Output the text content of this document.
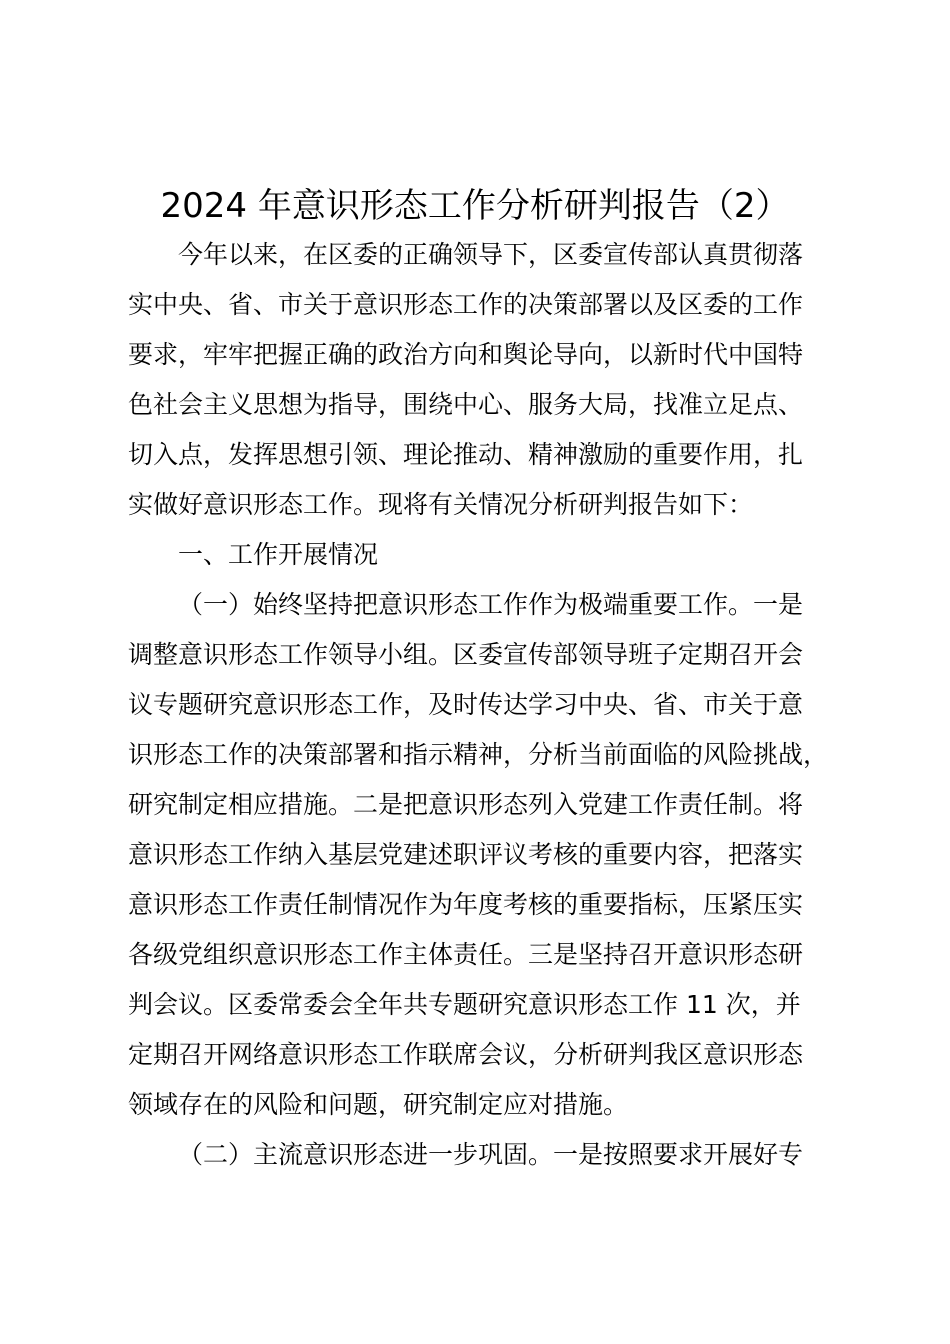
2024 年意识形态工作分析研判报告（2）
今年以来，在区委的正确领导下，区委宣传部认真贯彻落
实中央、省、市关于意识形态工作的决策部署以及区委的工作
要求，牢牢把握正确的政治方向和舆论导向，以新时代中国特
色社会主义思想为指导，围绕中心、服务大局，找准立足点、
切入点，发挥思想引领、理论推动、精神激励的重要作用，扎
实做好意识形态工作。现将有关情况分析研判报告如下：
一、工作开展情况
（一）始终坚持把意识形态工作作为极端重要工作。一是
调整意识形态工作领导小组。区委宣传部领导班子定期召开会
议专题研究意识形态工作，及时传达学习中央、省、市关于意
识形态工作的决策部署和指示精神，分析当前面临的风险挑战，
研究制定相应措施。二是把意识形态列入党建工作责任制。将
意识形态工作纳入基层党建述职评议考核的重要内容，把落实
意识形态工作责任制情况作为年度考核的重要指标，压紧压实
各级党组织意识形态工作主体责任。三是坚持召开意识形态研
判会议。区委常委会全年共专题研究意识形态工作 11 次，并
定期召开网络意识形态工作联席会议，分析研判我区意识形态
领域存在的风险和问题，研究制定应对措施。
（二）主流意识形态进一步巩固。一是按照要求开展好专
